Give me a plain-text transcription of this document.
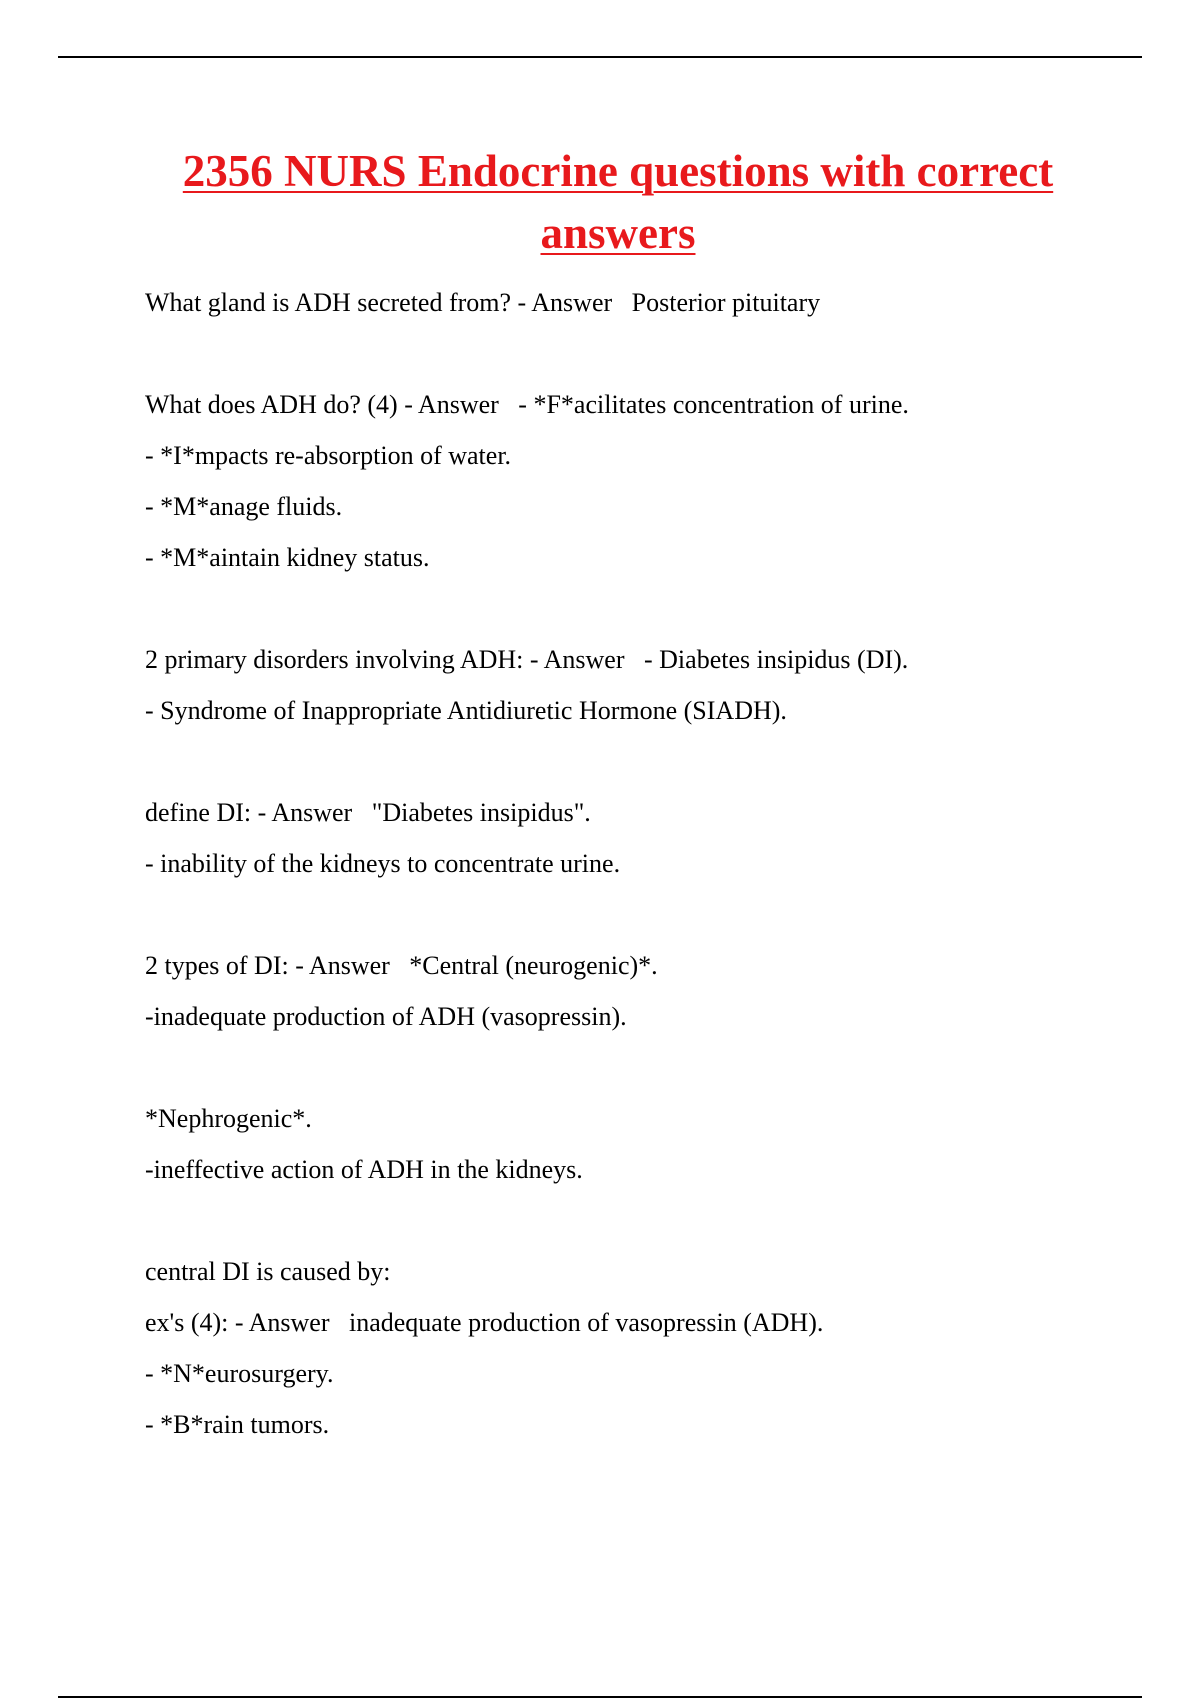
2356 NURS Endocrine questions with correct answers

What gland is ADH secreted from? - Answer   Posterior pituitary

What does ADH do? (4) - Answer   - *F*acilitates concentration of urine.

- *I*mpacts re-absorption of water.

- *M*anage fluids.

- *M*aintain kidney status.

2 primary disorders involving ADH: - Answer   - Diabetes insipidus (DI).

- Syndrome of Inappropriate Antidiuretic Hormone (SIADH).

define DI: - Answer   "Diabetes insipidus".

- inability of the kidneys to concentrate urine.

2 types of DI: - Answer   *Central (neurogenic)*.

-inadequate production of ADH (vasopressin).

*Nephrogenic*.

-ineffective action of ADH in the kidneys.

central DI is caused by:

ex's (4): - Answer   inadequate production of vasopressin (ADH).

- *N*eurosurgery.

- *B*rain tumors.
